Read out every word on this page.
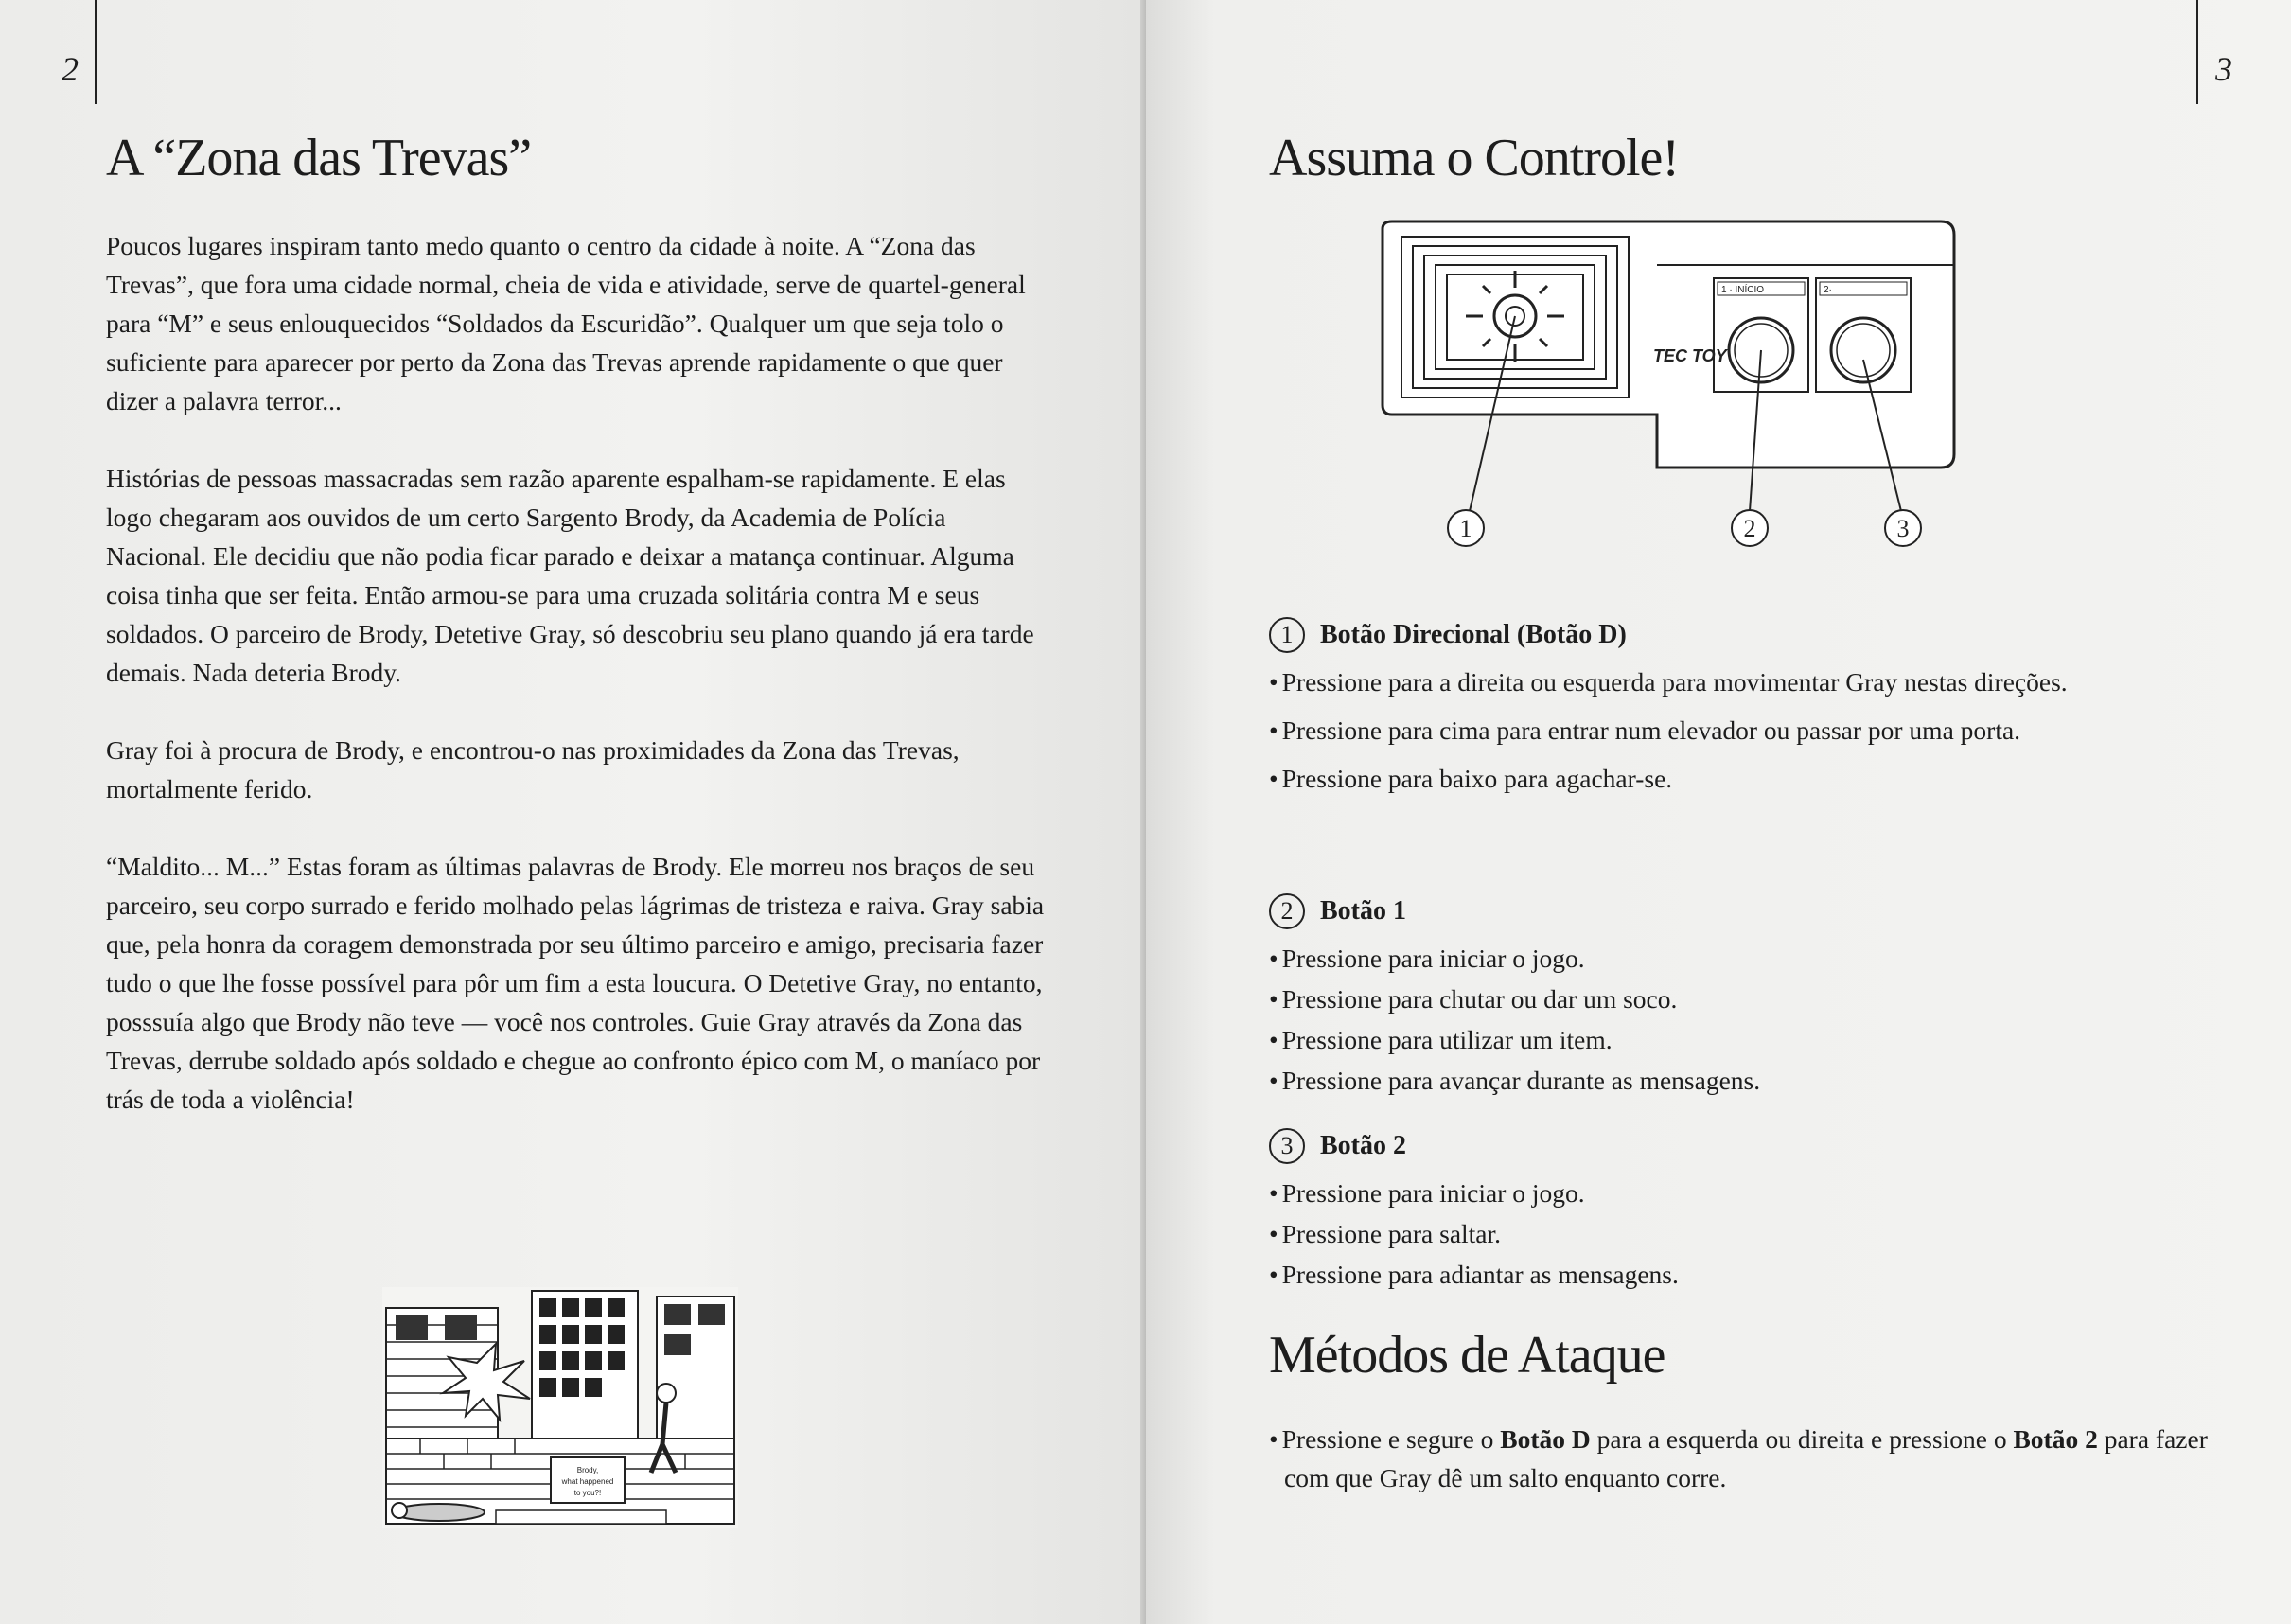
2
A “Zona das Trevas”

Poucos lugares inspiram tanto medo quanto o centro da cidade à noite. A “Zona das Trevas”, que fora uma cidade normal, cheia de vida e atividade, serve de quartel-general para “M” e seus enlouquecidos “Soldados da Escuridão”. Qualquer um que seja tolo o suficiente para aparecer por perto da Zona das Trevas aprende rapidamente o que quer dizer a palavra terror...

Histórias de pessoas massacradas sem razão aparente espalham-se rapidamente. E elas logo chegaram aos ouvidos de um certo Sargento Brody, da Academia de Polícia Nacional. Ele decidiu que não podia ficar parado e deixar a matança continuar. Alguma coisa tinha que ser feita. Então armou-se para uma cruzada solitária contra M e seus soldados. O parceiro de Brody, Detetive Gray, só descobriu seu plano quando já era tarde demais. Nada deteria Brody.

Gray foi à procura de Brody, e encontrou-o nas proximidades da Zona das Trevas, mortalmente ferido.

“Maldito... M...” Estas foram as últimas palavras de Brody. Ele morreu nos braços de seu parceiro, seu corpo surrado e ferido molhado pelas lágrimas de tristeza e raiva. Gray sabia que, pela honra da coragem demonstrada por seu último parceiro e amigo, precisaria fazer tudo o que lhe fosse possível para pôr um fim a esta loucura. O Detetive Gray, no entanto, posssuía algo que Brody não teve — você nos controles. Guie Gray através da Zona das Trevas, derrube soldado após soldado e chegue ao confronto épico com M, o maníaco por trás de toda a violência!

Brody,
what happened
to you?!
3
Assuma o Controle!
1 · INÍCIO	2·
TEC TOY
1	2	3
1	Botão Direcional (Botão D)
• Pressione para a direita ou esquerda para movimentar Gray nestas direções.
• Pressione para cima para entrar num elevador ou passar por uma porta.
• Pressione para baixo para agachar-se.
2	Botão 1
• Pressione para iniciar o jogo.
• Pressione para chutar ou dar um soco.
• Pressione para utilizar um item.
• Pressione para avançar durante as mensagens.
3	Botão 2
• Pressione para iniciar o jogo.
• Pressione para saltar.
• Pressione para adiantar as mensagens.
Métodos de Ataque
• Pressione e segure o Botão D para a esquerda ou direita e pressione o Botão 2 para fazer com que Gray dê um salto enquanto corre.
